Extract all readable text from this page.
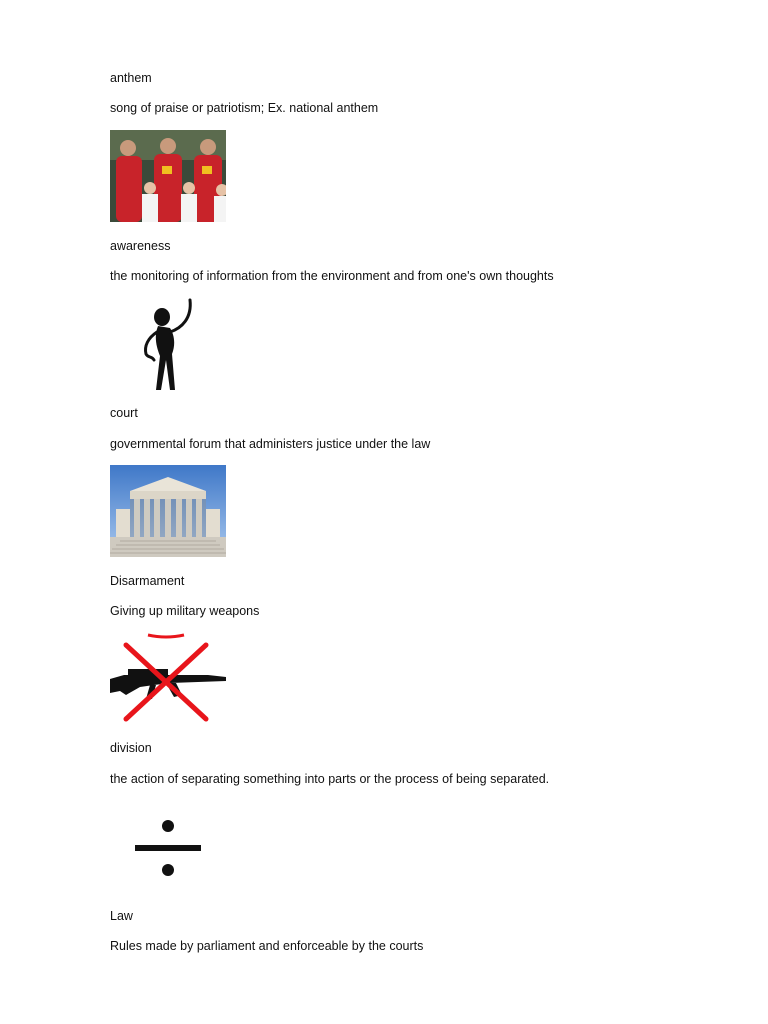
anthem
song of praise or patriotism; Ex. national anthem
awareness
the monitoring of information from the environment and from one's own thoughts
court
governmental forum that administers justice under the law
Disarmament
Giving up military weapons
division
the action of separating something into parts or the process of being separated.
Law
Rules made by parliament and enforceable by the courts
